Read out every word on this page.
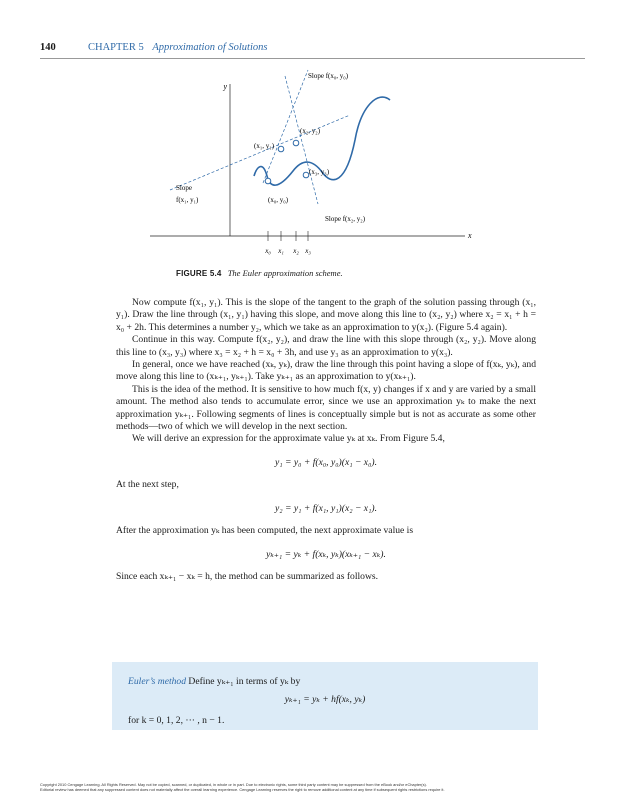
140	CHAPTER 5 Approximation of Solutions
y
x
Slope f(x₀, y₀)
(x₂, y₂)
(x₁, y₁)
(x₃, y₃)
(x₀, y₀)
Slope
f(x₁, y₁)
Slope f(x₂, y₂)
x₀ x₁ x₂ x₃
FIGURE 5.4 The Euler approximation scheme.

Now compute f(x₁, y₁). This is the slope of the tangent to the graph of the solution passing through (x₁, y₁). Draw the line through (x₁, y₁) having this slope, and move along this line to (x₂, y₂) where x₂ = x₁ + h = x₀ + 2h. This determines a number y₂, which we take as an approximation to y(x₂). (Figure 5.4 again).

Continue in this way. Compute f(x₂, y₂), and draw the line with this slope through (x₂, y₂). Move along this line to (x₃, y₃) where x₃ = x₂ + h = x₀ + 3h, and use y₃ as an approximation to y(x₃).

In general, once we have reached (xₖ, yₖ), draw the line through this point having a slope of f(xₖ, yₖ), and move along this line to (xₖ₊₁, yₖ₊₁). Take yₖ₊₁ as an approximation to y(xₖ₊₁).

This is the idea of the method. It is sensitive to how much f(x, y) changes if x and y are varied by a small amount. The method also tends to accumulate error, since we use an approximation yₖ to make the next approximation yₖ₊₁. Following segments of lines is conceptually simple but is not as accurate as some other methods—two of which we will develop in the next section.

We will derive an expression for the approximate value yₖ at xₖ. From Figure 5.4,

y₁ = y₀ + f(x₀, y₀)(x₁ − x₀).

At the next step,

y₂ = y₁ + f(x₁, y₁)(x₂ − x₁).

After the approximation yₖ has been computed, the next approximate value is

yₖ₊₁ = yₖ + f(xₖ, yₖ)(xₖ₊₁ − xₖ).

Since each xₖ₊₁ − xₖ = h, the method can be summarized as follows.

Euler’s method Define yₖ₊₁ in terms of yₖ by
yₖ₊₁ = yₖ + hf(xₖ, yₖ)
for k = 0, 1, 2, ··· , n − 1.
Copyright 2010 Cengage Learning. All Rights Reserved. May not be copied, scanned, or duplicated, in whole or in part. Due to electronic rights, some third party content may be suppressed from the eBook and/or eChapter(s).
Editorial review has deemed that any suppressed content does not materially affect the overall learning experience. Cengage Learning reserves the right to remove additional content at any time if subsequent rights restrictions require it.
